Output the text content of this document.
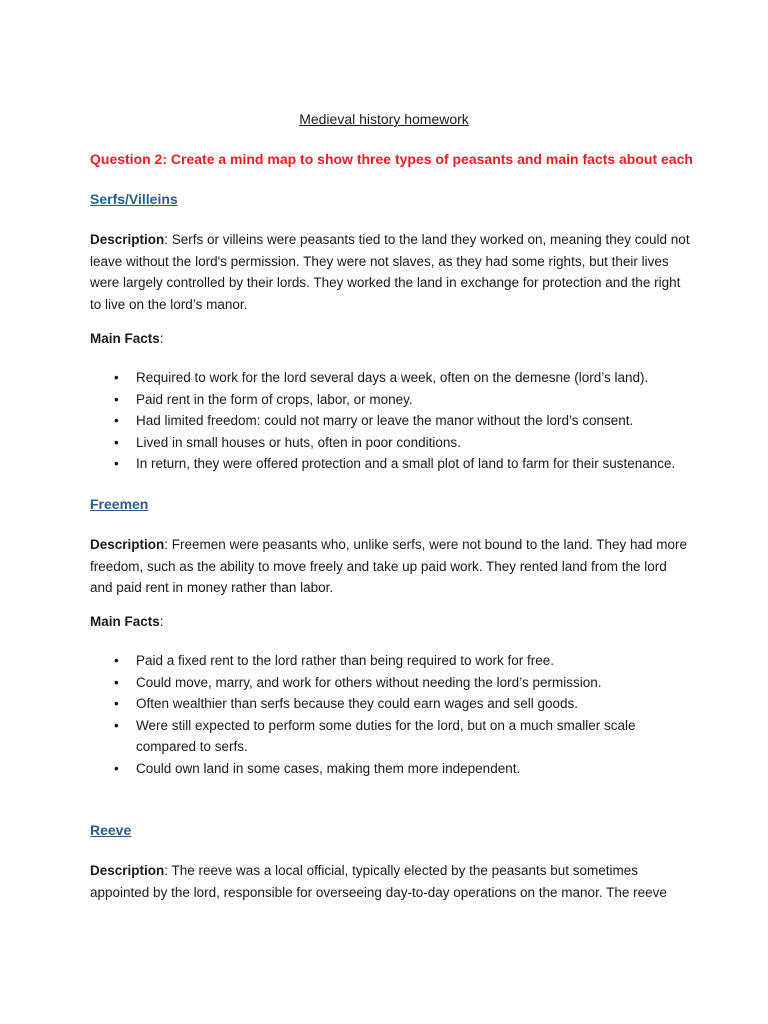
Medieval history homework
Question 2: Create a mind map to show three types of peasants and main facts about each
Serfs/Villeins

Description: Serfs or villeins were peasants tied to the land they worked on, meaning they could not leave without the lord's permission. They were not slaves, as they had some rights, but their lives were largely controlled by their lords. They worked the land in exchange for protection and the right to live on the lord’s manor.

Main Facts:
• Required to work for the lord several days a week, often on the demesne (lord’s land).
• Paid rent in the form of crops, labor, or money.
• Had limited freedom: could not marry or leave the manor without the lord’s consent.
• Lived in small houses or huts, often in poor conditions.
• In return, they were offered protection and a small plot of land to farm for their sustenance.
Freemen

Description: Freemen were peasants who, unlike serfs, were not bound to the land. They had more freedom, such as the ability to move freely and take up paid work. They rented land from the lord and paid rent in money rather than labor.

Main Facts:
• Paid a fixed rent to the lord rather than being required to work for free.
• Could move, marry, and work for others without needing the lord’s permission.
• Often wealthier than serfs because they could earn wages and sell goods.
• Were still expected to perform some duties for the lord, but on a much smaller scale compared to serfs.
• Could own land in some cases, making them more independent.
Reeve

Description: The reeve was a local official, typically elected by the peasants but sometimes appointed by the lord, responsible for overseeing day-to-day operations on the manor. The reeve
